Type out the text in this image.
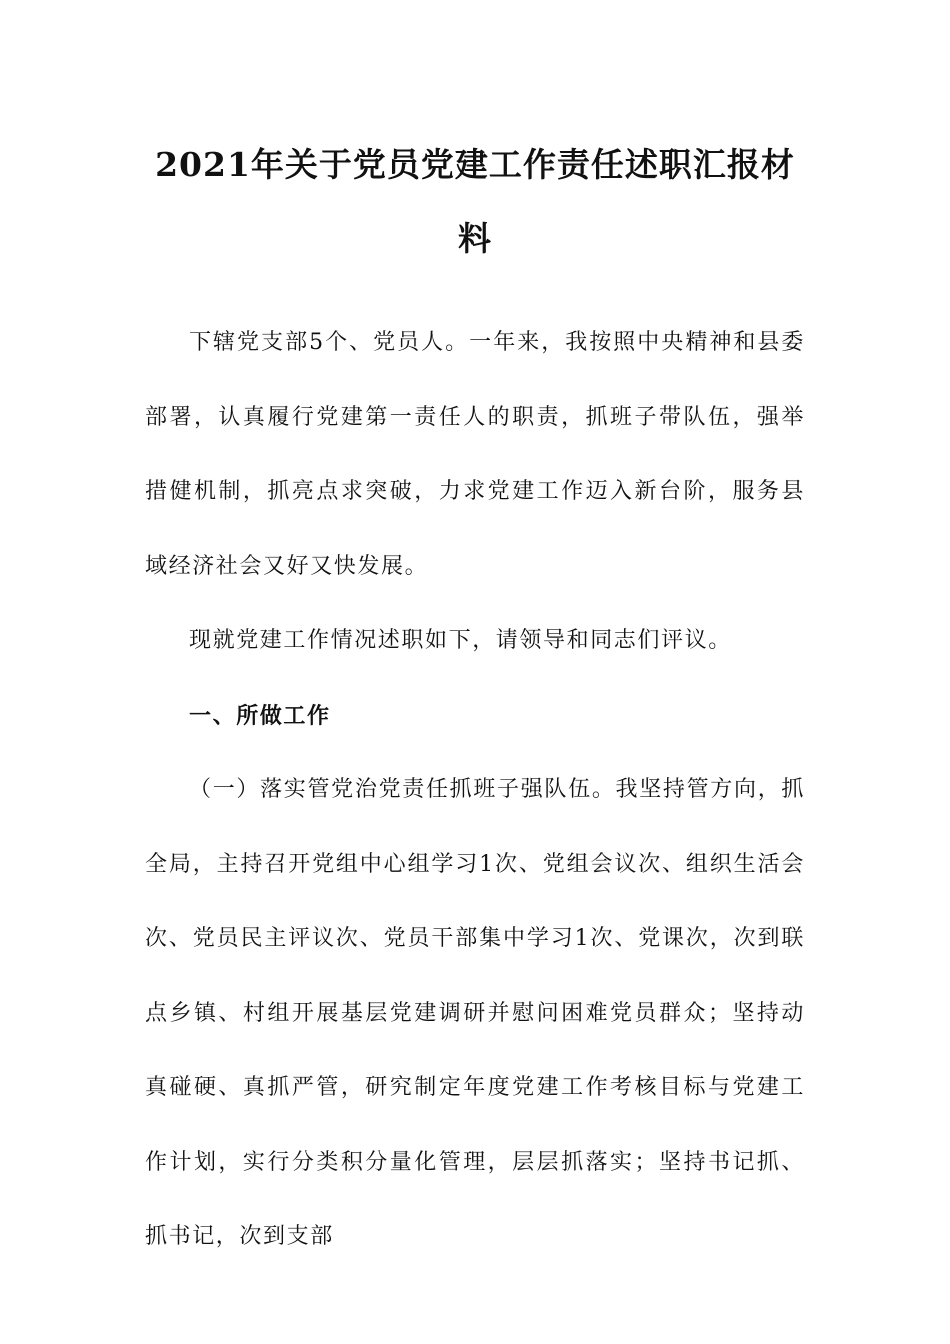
2021年关于党员党建工作责任述职汇报材料

下辖党支部5个、党员人。一年来，我按照中央精神和县委部署，认真履行党建第一责任人的职责，抓班子带队伍，强举措健机制，抓亮点求突破，力求党建工作迈入新台阶，服务县域经济社会又好又快发展。

现就党建工作情况述职如下，请领导和同志们评议。

一、所做工作

（一）落实管党治党责任抓班子强队伍。我坚持管方向，抓全局，主持召开党组中心组学习1次、党组会议次、组织生活会次、党员民主评议次、党员干部集中学习1次、党课次，次到联点乡镇、村组开展基层党建调研并慰问困难党员群众；坚持动真碰硬、真抓严管，研究制定年度党建工作考核目标与党建工作计划，实行分类积分量化管理，层层抓落实；坚持书记抓、抓书记，次到支部
